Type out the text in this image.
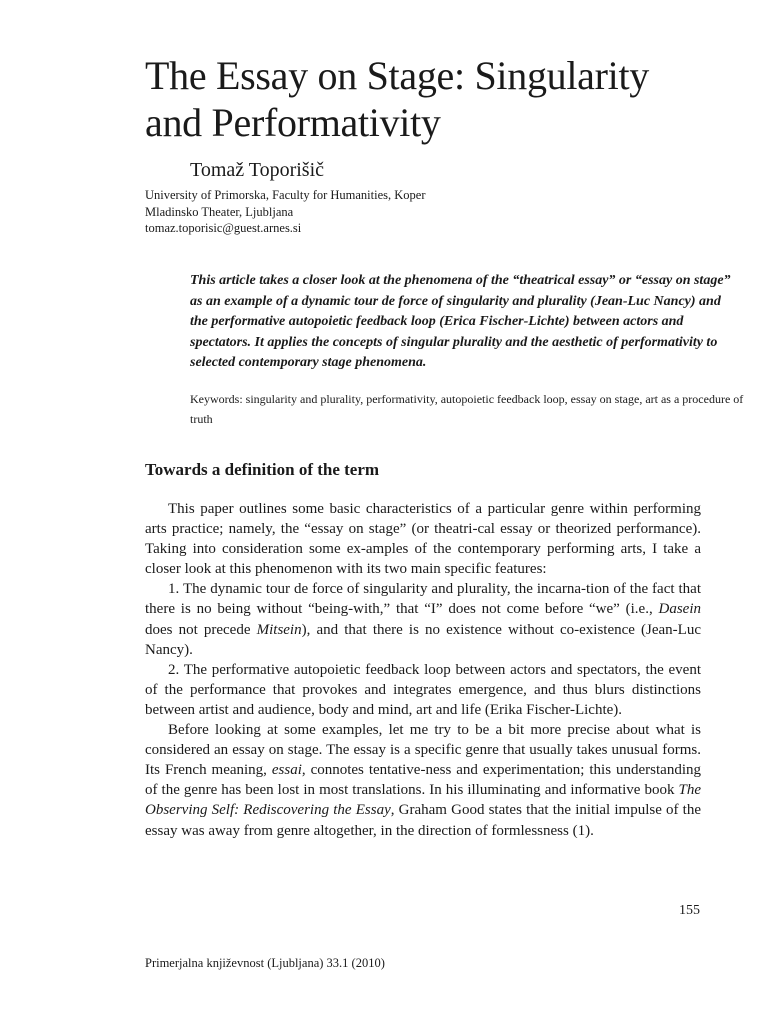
The Essay on Stage: Singularity and Performativity

Tomaž Toporišič

University of Primorska, Faculty for Humanities, Koper
Mladinsko Theater, Ljubljana
tomaz.toporisic@guest.arnes.si

This article takes a closer look at the phenomena of the “theatrical essay” or “essay on stage” as an example of a dynamic tour de force of singularity and plurality (Jean-Luc Nancy) and the performative autopoietic feedback loop (Erica Fischer-Lichte) between actors and spectators. It applies the concepts of singular plurality and the aesthetic of performativity to selected contemporary stage phenomena.

Keywords: singularity and plurality, performativity, autopoietic feedback loop, essay on stage, art as a procedure of truth

Towards a definition of the term

This paper outlines some basic characteristics of a particular genre within performing arts practice; namely, the “essay on stage” (or theatri-cal essay or theorized performance). Taking into consideration some ex-amples of the contemporary performing arts, I take a closer look at this phenomenon with its two main specific features:

1. The dynamic tour de force of singularity and plurality, the incarna-tion of the fact that there is no being without “being-with,” that “I” does not come before “we” (i.e., Dasein does not precede Mitsein), and that there is no existence without co-existence (Jean-Luc Nancy).

2. The performative autopoietic feedback loop between actors and spectators, the event of the performance that provokes and integrates emergence, and thus blurs distinctions between artist and audience, body and mind, art and life (Erika Fischer-Lichte).

Before looking at some examples, let me try to be a bit more precise about what is considered an essay on stage. The essay is a specific genre that usually takes unusual forms. Its French meaning, essai, connotes tentative-ness and experimentation; this understanding of the genre has been lost in most translations. In his illuminating and informative book The Observing Self: Rediscovering the Essay, Graham Good states that the initial impulse of the essay was away from genre altogether, in the direction of formlessness (1).

155

Primerjalna književnost (Ljubljana) 33.1 (2010)
